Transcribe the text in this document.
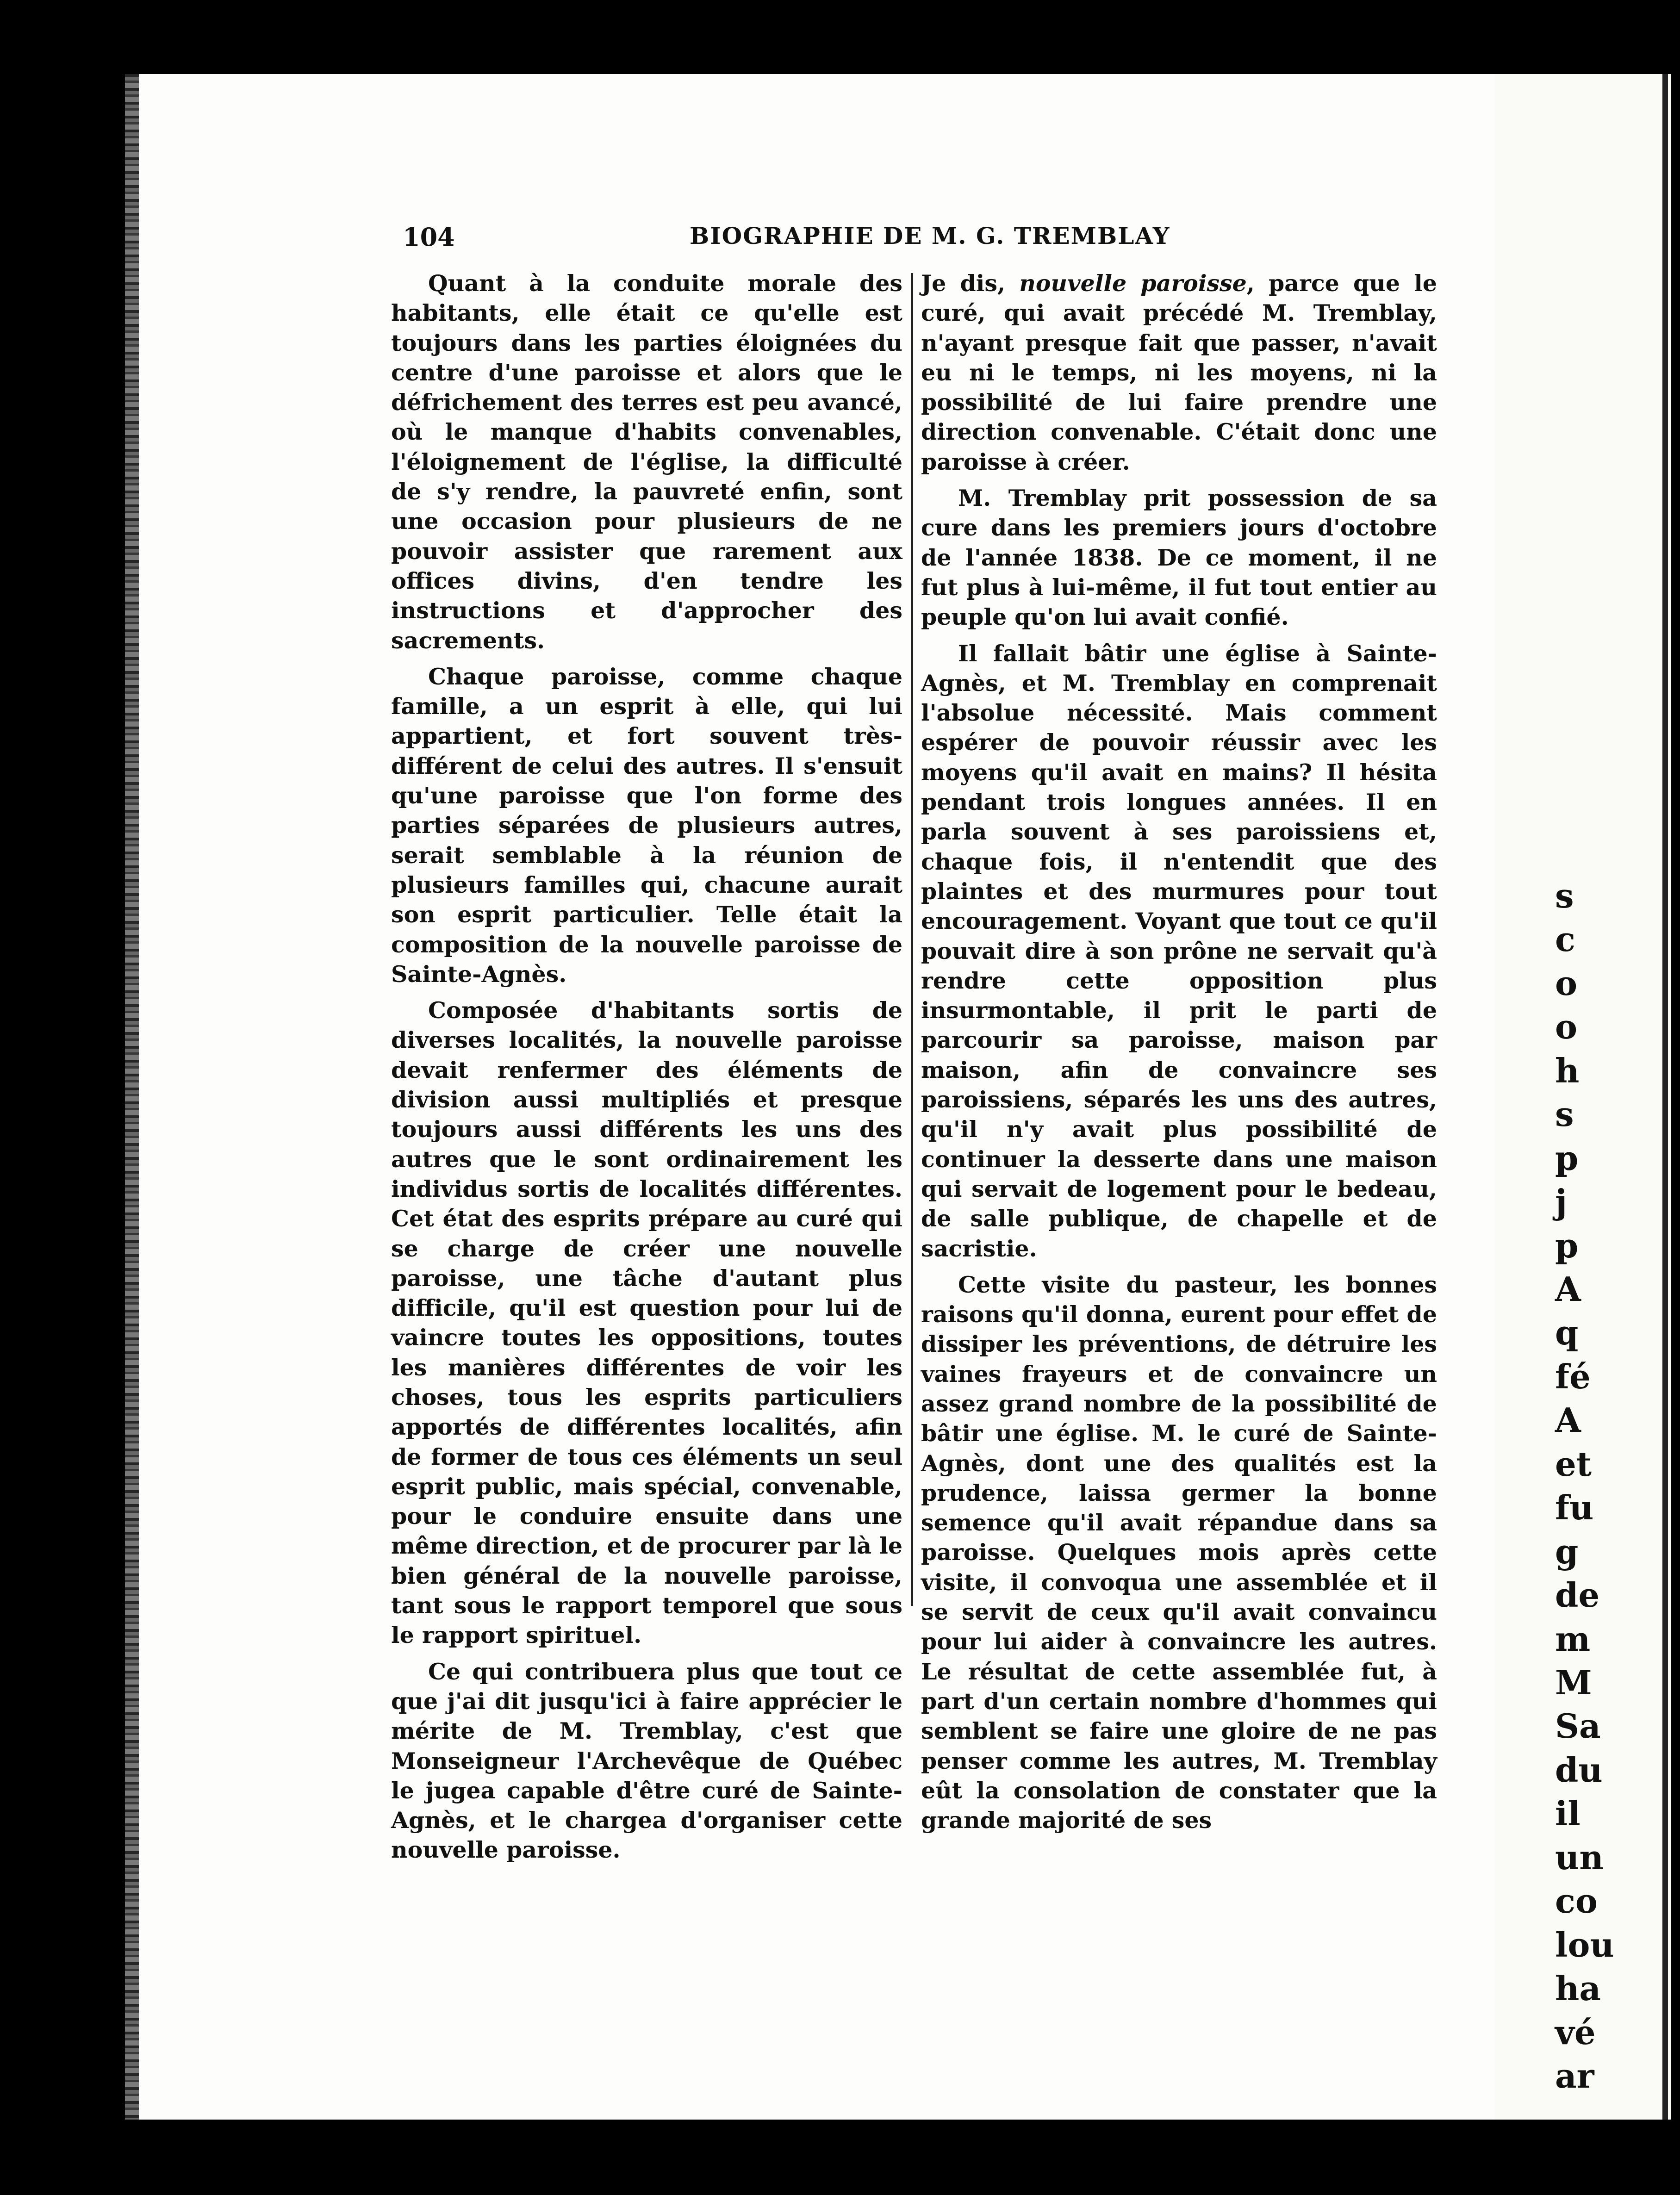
s
c
o
o
h
s
p
j
p
A
q
fé
A
et
fu
g
de
m
M
Sa
du
il
un
co
lou
ha
vé
ar
104	BIOGRAPHIE DE M. G. TREMBLAY

Quant à la conduite morale des habitants, elle était ce qu'elle est toujours dans les parties éloignées du centre d'une paroisse et alors que le défrichement des terres est peu avancé, où le manque d'habits convenables, l'éloignement de l'église, la difficulté de s'y rendre, la pauvreté enfin, sont une occasion pour plusieurs de ne pouvoir assister que rarement aux offices divins, d'en tendre les instructions et d'approcher des sacrements.

Chaque paroisse, comme chaque famille, a un esprit à elle, qui lui appartient, et fort souvent très-différent de celui des autres. Il s'ensuit qu'une paroisse que l'on forme des parties séparées de plusieurs autres, serait semblable à la réunion de plusieurs familles qui, chacune aurait son esprit particulier. Telle était la composition de la nouvelle paroisse de Sainte-Agnès.

Composée d'habitants sortis de diverses localités, la nouvelle paroisse devait renfermer des éléments de division aussi multipliés et presque toujours aussi différents les uns des autres que le sont ordinairement les individus sortis de localités différentes. Cet état des esprits prépare au curé qui se charge de créer une nouvelle paroisse, une tâche d'autant plus difficile, qu'il est question pour lui de vaincre toutes les oppositions, toutes les manières différentes de voir les choses, tous les esprits particuliers apportés de différentes localités, afin de former de tous ces éléments un seul esprit public, mais spécial, convenable, pour le conduire ensuite dans une même direction, et de procurer par là le bien général de la nouvelle paroisse, tant sous le rapport temporel que sous le rapport spirituel.

Ce qui contribuera plus que tout ce que j'ai dit jusqu'ici à faire apprécier le mérite de M. Tremblay, c'est que Monseigneur l'Archevêque de Québec le jugea capable d'être curé de Sainte-Agnès, et le chargea d'organiser cette nouvelle paroisse.

Je dis, nouvelle paroisse, parce que le curé, qui avait précédé M. Tremblay, n'ayant presque fait que passer, n'avait eu ni le temps, ni les moyens, ni la possibilité de lui faire prendre une direction convenable. C'était donc une paroisse à créer.

M. Tremblay prit possession de sa cure dans les premiers jours d'octobre de l'année 1838. De ce moment, il ne fut plus à lui-même, il fut tout entier au peuple qu'on lui avait confié.

Il fallait bâtir une église à Sainte-Agnès, et M. Tremblay en comprenait l'absolue nécessité. Mais comment espérer de pouvoir réussir avec les moyens qu'il avait en mains? Il hésita pendant trois longues années. Il en parla souvent à ses paroissiens et, chaque fois, il n'entendit que des plaintes et des murmures pour tout encouragement. Voyant que tout ce qu'il pouvait dire à son prône ne servait qu'à rendre cette opposition plus insurmontable, il prit le parti de parcourir sa paroisse, maison par maison, afin de convaincre ses paroissiens, séparés les uns des autres, qu'il n'y avait plus possibilité de continuer la desserte dans une maison qui servait de logement pour le bedeau, de salle publique, de chapelle et de sacristie.

Cette visite du pasteur, les bonnes raisons qu'il donna, eurent pour effet de dissiper les préventions, de détruire les vaines frayeurs et de convaincre un assez grand nombre de la possibilité de bâtir une église. M. le curé de Sainte-Agnès, dont une des qualités est la prudence, laissa germer la bonne semence qu'il avait répandue dans sa paroisse. Quelques mois après cette visite, il convoqua une assemblée et il se servit de ceux qu'il avait convaincu pour lui aider à convaincre les autres. Le résultat de cette assemblée fut, à part d'un certain nombre d'hommes qui semblent se faire une gloire de ne pas penser comme les autres, M. Tremblay eût la consolation de constater que la grande majorité de ses
